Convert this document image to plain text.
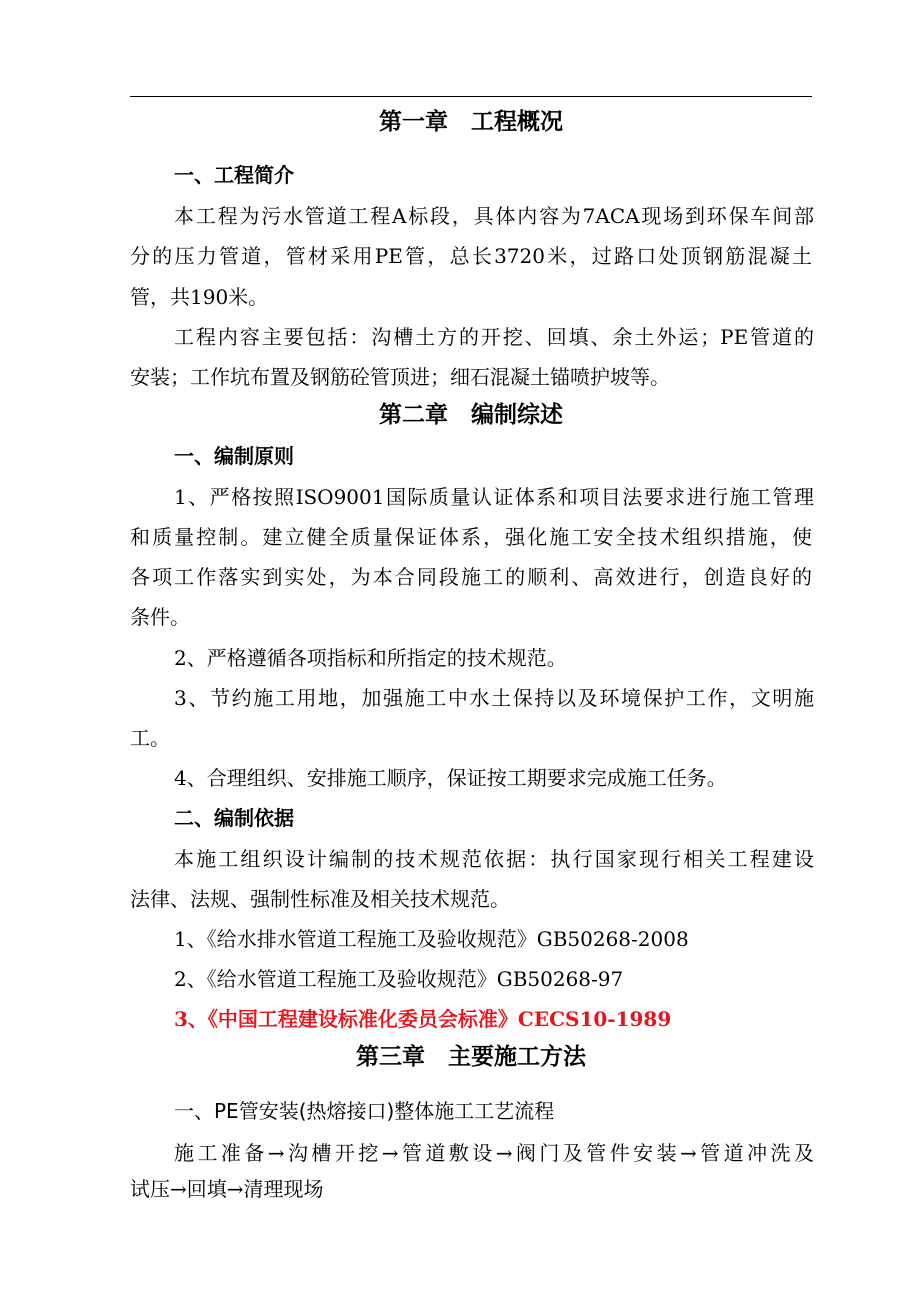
第一章　工程概况
一、工程简介
本工程为污水管道工程A标段，具体内容为7ACA现场到环保车间部
分的压力管道，管材采用PE管，总长3720米，过路口处顶钢筋混凝土
管，共190米。
工程内容主要包括：沟槽土方的开挖、回填、余土外运；PE管道的
安装；工作坑布置及钢筋砼管顶进；细石混凝土锚喷护坡等。
第二章　编制综述
一、编制原则
1、严格按照ISO9001国际质量认证体系和项目法要求进行施工管理
和质量控制。建立健全质量保证体系，强化施工安全技术组织措施，使
各项工作落实到实处，为本合同段施工的顺利、高效进行，创造良好的
条件。
2、严格遵循各项指标和所指定的技术规范。
3、节约施工用地，加强施工中水土保持以及环境保护工作，文明施
工。
4、合理组织、安排施工顺序，保证按工期要求完成施工任务。
二、编制依据
本施工组织设计编制的技术规范依据：执行国家现行相关工程建设
法律、法规、强制性标准及相关技术规范。
1、《给水排水管道工程施工及验收规范》GB50268-2008
2、《给水管道工程施工及验收规范》GB50268-97
3、《中国工程建设标准化委员会标准》CECS10-1989
第三章　主要施工方法
一、PE管安装(热熔接口)整体施工工艺流程
施工准备→沟槽开挖→管道敷设→阀门及管件安装→管道冲洗及
试压→回填→清理现场
